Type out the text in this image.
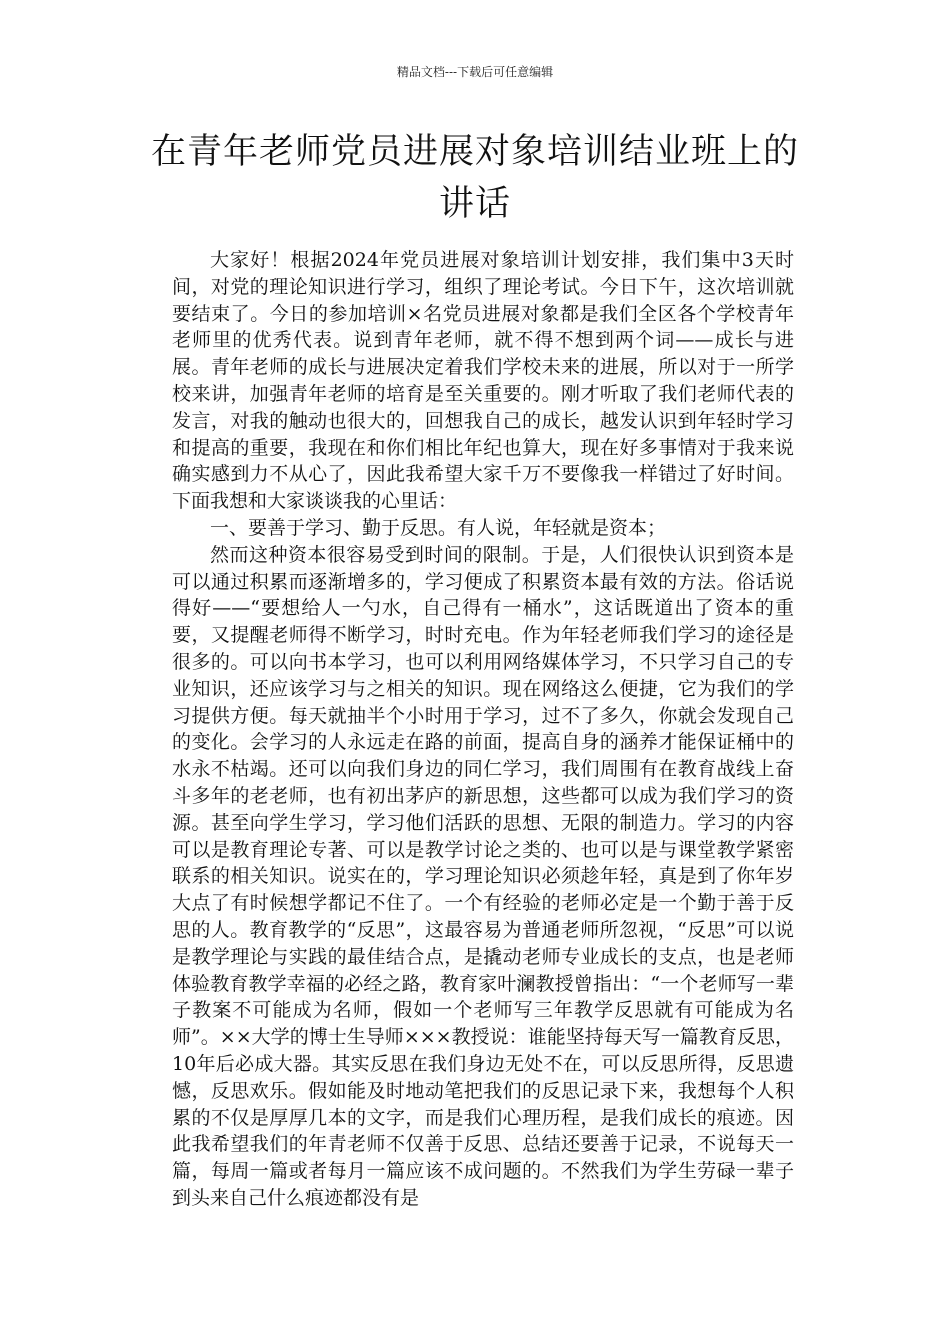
精品文档---下载后可任意编辑
在青年老师党员进展对象培训结业班上的讲话

大家好！根据2024年党员进展对象培训计划安排，我们集中3天时间，对党的理论知识进行学习，组织了理论考试。今日下午，这次培训就要结束了。今日的参加培训×名党员进展对象都是我们全区各个学校青年老师里的优秀代表。说到青年老师，就不得不想到两个词——成长与进展。青年老师的成长与进展决定着我们学校未来的进展，所以对于一所学校来讲，加强青年老师的培育是至关重要的。刚才听取了我们老师代表的发言，对我的触动也很大的，回想我自己的成长，越发认识到年轻时学习和提高的重要，我现在和你们相比年纪也算大，现在好多事情对于我来说确实感到力不从心了，因此我希望大家千万不要像我一样错过了好时间。下面我想和大家谈谈我的心里话：

一、要善于学习、勤于反思。有人说，年轻就是资本；

然而这种资本很容易受到时间的限制。于是，人们很快认识到资本是可以通过积累而逐渐增多的，学习便成了积累资本最有效的方法。俗话说得好——“要想给人一勺水，自己得有一桶水”，这话既道出了资本的重要，又提醒老师得不断学习，时时充电。作为年轻老师我们学习的途径是很多的。可以向书本学习，也可以利用网络媒体学习，不只学习自己的专业知识，还应该学习与之相关的知识。现在网络这么便捷，它为我们的学习提供方便。每天就抽半个小时用于学习，过不了多久，你就会发现自己的变化。会学习的人永远走在路的前面，提高自身的涵养才能保证桶中的水永不枯竭。还可以向我们身边的同仁学习，我们周围有在教育战线上奋斗多年的老老师，也有初出茅庐的新思想，这些都可以成为我们学习的资源。甚至向学生学习，学习他们活跃的思想、无限的制造力。学习的内容可以是教育理论专著、可以是教学讨论之类的、也可以是与课堂教学紧密联系的相关知识。说实在的，学习理论知识必须趁年轻，真是到了你年岁大点了有时候想学都记不住了。一个有经验的老师必定是一个勤于善于反思的人。教育教学的“反思”，这最容易为普通老师所忽视，“反思”可以说是教学理论与实践的最佳结合点，是撬动老师专业成长的支点，也是老师体验教育教学幸福的必经之路，教育家叶澜教授曾指出：“一个老师写一辈子教案不可能成为名师，假如一个老师写三年教学反思就有可能成为名师”。××大学的博士生导师×××教授说：谁能坚持每天写一篇教育反思，10年后必成大器。其实反思在我们身边无处不在，可以反思所得，反思遗憾，反思欢乐。假如能及时地动笔把我们的反思记录下来，我想每个人积累的不仅是厚厚几本的文字，而是我们心理历程，是我们成长的痕迹。因此我希望我们的年青老师不仅善于反思、总结还要善于记录，不说每天一篇，每周一篇或者每月一篇应该不成问题的。不然我们为学生劳碌一辈子到头来自己什么痕迹都没有是
